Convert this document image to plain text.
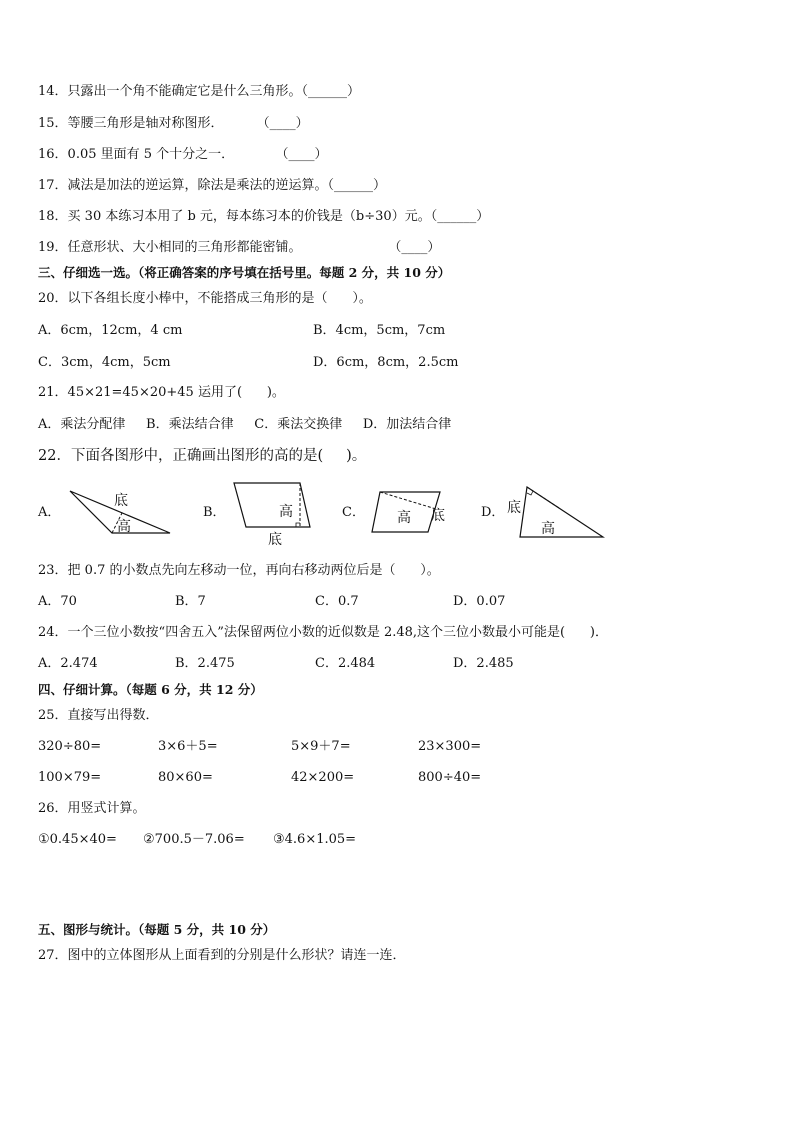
14．只露出一个角不能确定它是什么三角形。（______）
15．等腰三角形是轴对称图形．        （____）
16．0.05 里面有 5 个十分之一．          （____）
17．减法是加法的逆运算，除法是乘法的逆运算。（______）
18．买 30 本练习本用了 b 元，每本练习本的价钱是（b÷30）元。（______）
19．任意形状、大小相同的三角形都能密铺。                     （____）
三、仔细选一选。（将正确答案的序号填在括号里。每题 2 分，共 10 分）
20．以下各组长度小棒中，不能搭成三角形的是（      ）。
A．6cm，12cm，4 cm	B．4cm，5cm，7cm
C．3cm，4cm，5cm	D．6cm，8cm，2.5cm
21．45×21=45×20+45 运用了(      )。
A．乘法分配律     B．乘法结合律     C．乘法交换律     D．加法结合律
22．下面各图形中，正确画出图形的高的是(     )。
A．
底
高
B．	高
底
C． 高 底	D． 底
高
23．把 0.7 的小数点先向左移动一位，再向右移动两位后是（      ）。
A．70	B．7	C．0.7	D．0.07
24．一个三位小数按“四舍五入”法保留两位小数的近似数是 2.48,这个三位小数最小可能是(      )．
A．2.474	B．2.475	C．2.484	D．2.485
四、仔细计算。（每题 6 分，共 12 分）
25．直接写出得数．
320÷80=	3×6＋5=	5×9＋7=	23×300=
100×79=	80×60=	42×200=	800÷40=
26．用竖式计算。
①0.45×40= ②700.5－7.06= ③4.6×1.05=
五、图形与统计。（每题 5 分，共 10 分）
27．图中的立体图形从上面看到的分别是什么形状？请连一连．
